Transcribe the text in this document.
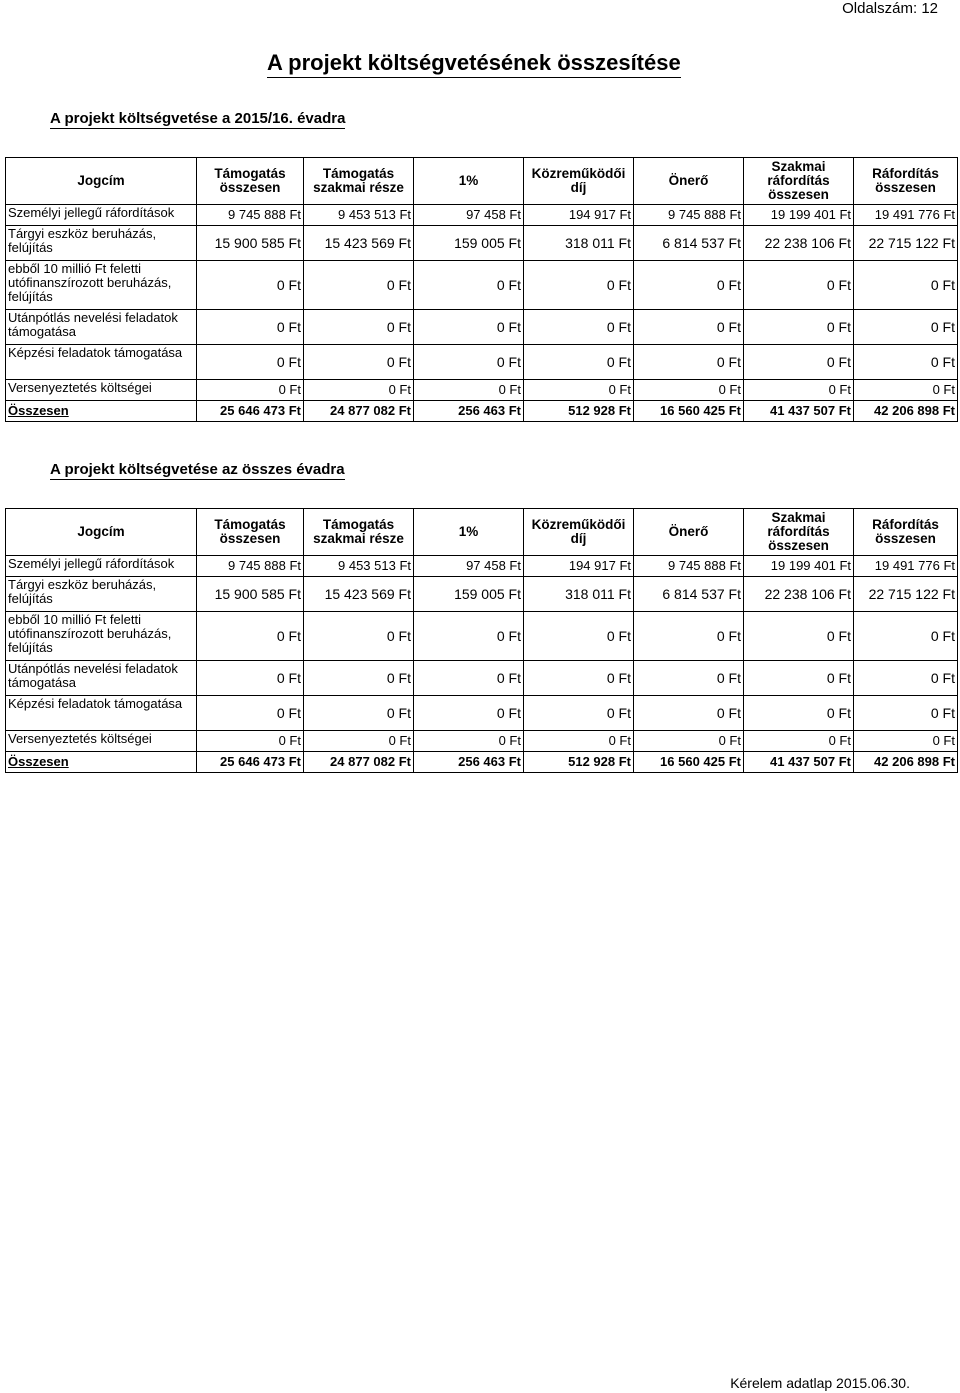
Oldalszám: 12
A projekt költségvetésének összesítése
A projekt költségvetése a 2015/16. évadra
Jogcím	Támogatás összesen	Támogatás szakmai része	1%	Közreműködői díj	Önerő	Szakmai ráfordítás összesen	Ráfordítás összesen
Személyi jellegű ráfordítások	9 745 888 Ft	9 453 513 Ft	97 458 Ft	194 917 Ft	9 745 888 Ft	19 199 401 Ft	19 491 776 Ft
Tárgyi eszköz beruházás, felújítás	15 900 585 Ft	15 423 569 Ft	159 005 Ft	318 011 Ft	6 814 537 Ft	22 238 106 Ft	22 715 122 Ft
ebből 10 millió Ft feletti utófinanszírozott beruházás, felújítás	0 Ft	0 Ft	0 Ft	0 Ft	0 Ft	0 Ft	0 Ft
Utánpótlás nevelési feladatok támogatása	0 Ft	0 Ft	0 Ft	0 Ft	0 Ft	0 Ft	0 Ft
Képzési feladatok támogatása	0 Ft	0 Ft	0 Ft	0 Ft	0 Ft	0 Ft	0 Ft
Versenyeztetés költségei	0 Ft	0 Ft	0 Ft	0 Ft	0 Ft	0 Ft	0 Ft
Összesen	25 646 473 Ft	24 877 082 Ft	256 463 Ft	512 928 Ft	16 560 425 Ft	41 437 507 Ft	42 206 898 Ft
A projekt költségvetése az összes évadra
Jogcím	Támogatás összesen	Támogatás szakmai része	1%	Közreműködői díj	Önerő	Szakmai ráfordítás összesen	Ráfordítás összesen
Személyi jellegű ráfordítások	9 745 888 Ft	9 453 513 Ft	97 458 Ft	194 917 Ft	9 745 888 Ft	19 199 401 Ft	19 491 776 Ft
Tárgyi eszköz beruházás, felújítás	15 900 585 Ft	15 423 569 Ft	159 005 Ft	318 011 Ft	6 814 537 Ft	22 238 106 Ft	22 715 122 Ft
ebből 10 millió Ft feletti utófinanszírozott beruházás, felújítás	0 Ft	0 Ft	0 Ft	0 Ft	0 Ft	0 Ft	0 Ft
Utánpótlás nevelési feladatok támogatása	0 Ft	0 Ft	0 Ft	0 Ft	0 Ft	0 Ft	0 Ft
Képzési feladatok támogatása	0 Ft	0 Ft	0 Ft	0 Ft	0 Ft	0 Ft	0 Ft
Versenyeztetés költségei	0 Ft	0 Ft	0 Ft	0 Ft	0 Ft	0 Ft	0 Ft
Összesen	25 646 473 Ft	24 877 082 Ft	256 463 Ft	512 928 Ft	16 560 425 Ft	41 437 507 Ft	42 206 898 Ft
Kérelem adatlap 2015.06.30.
